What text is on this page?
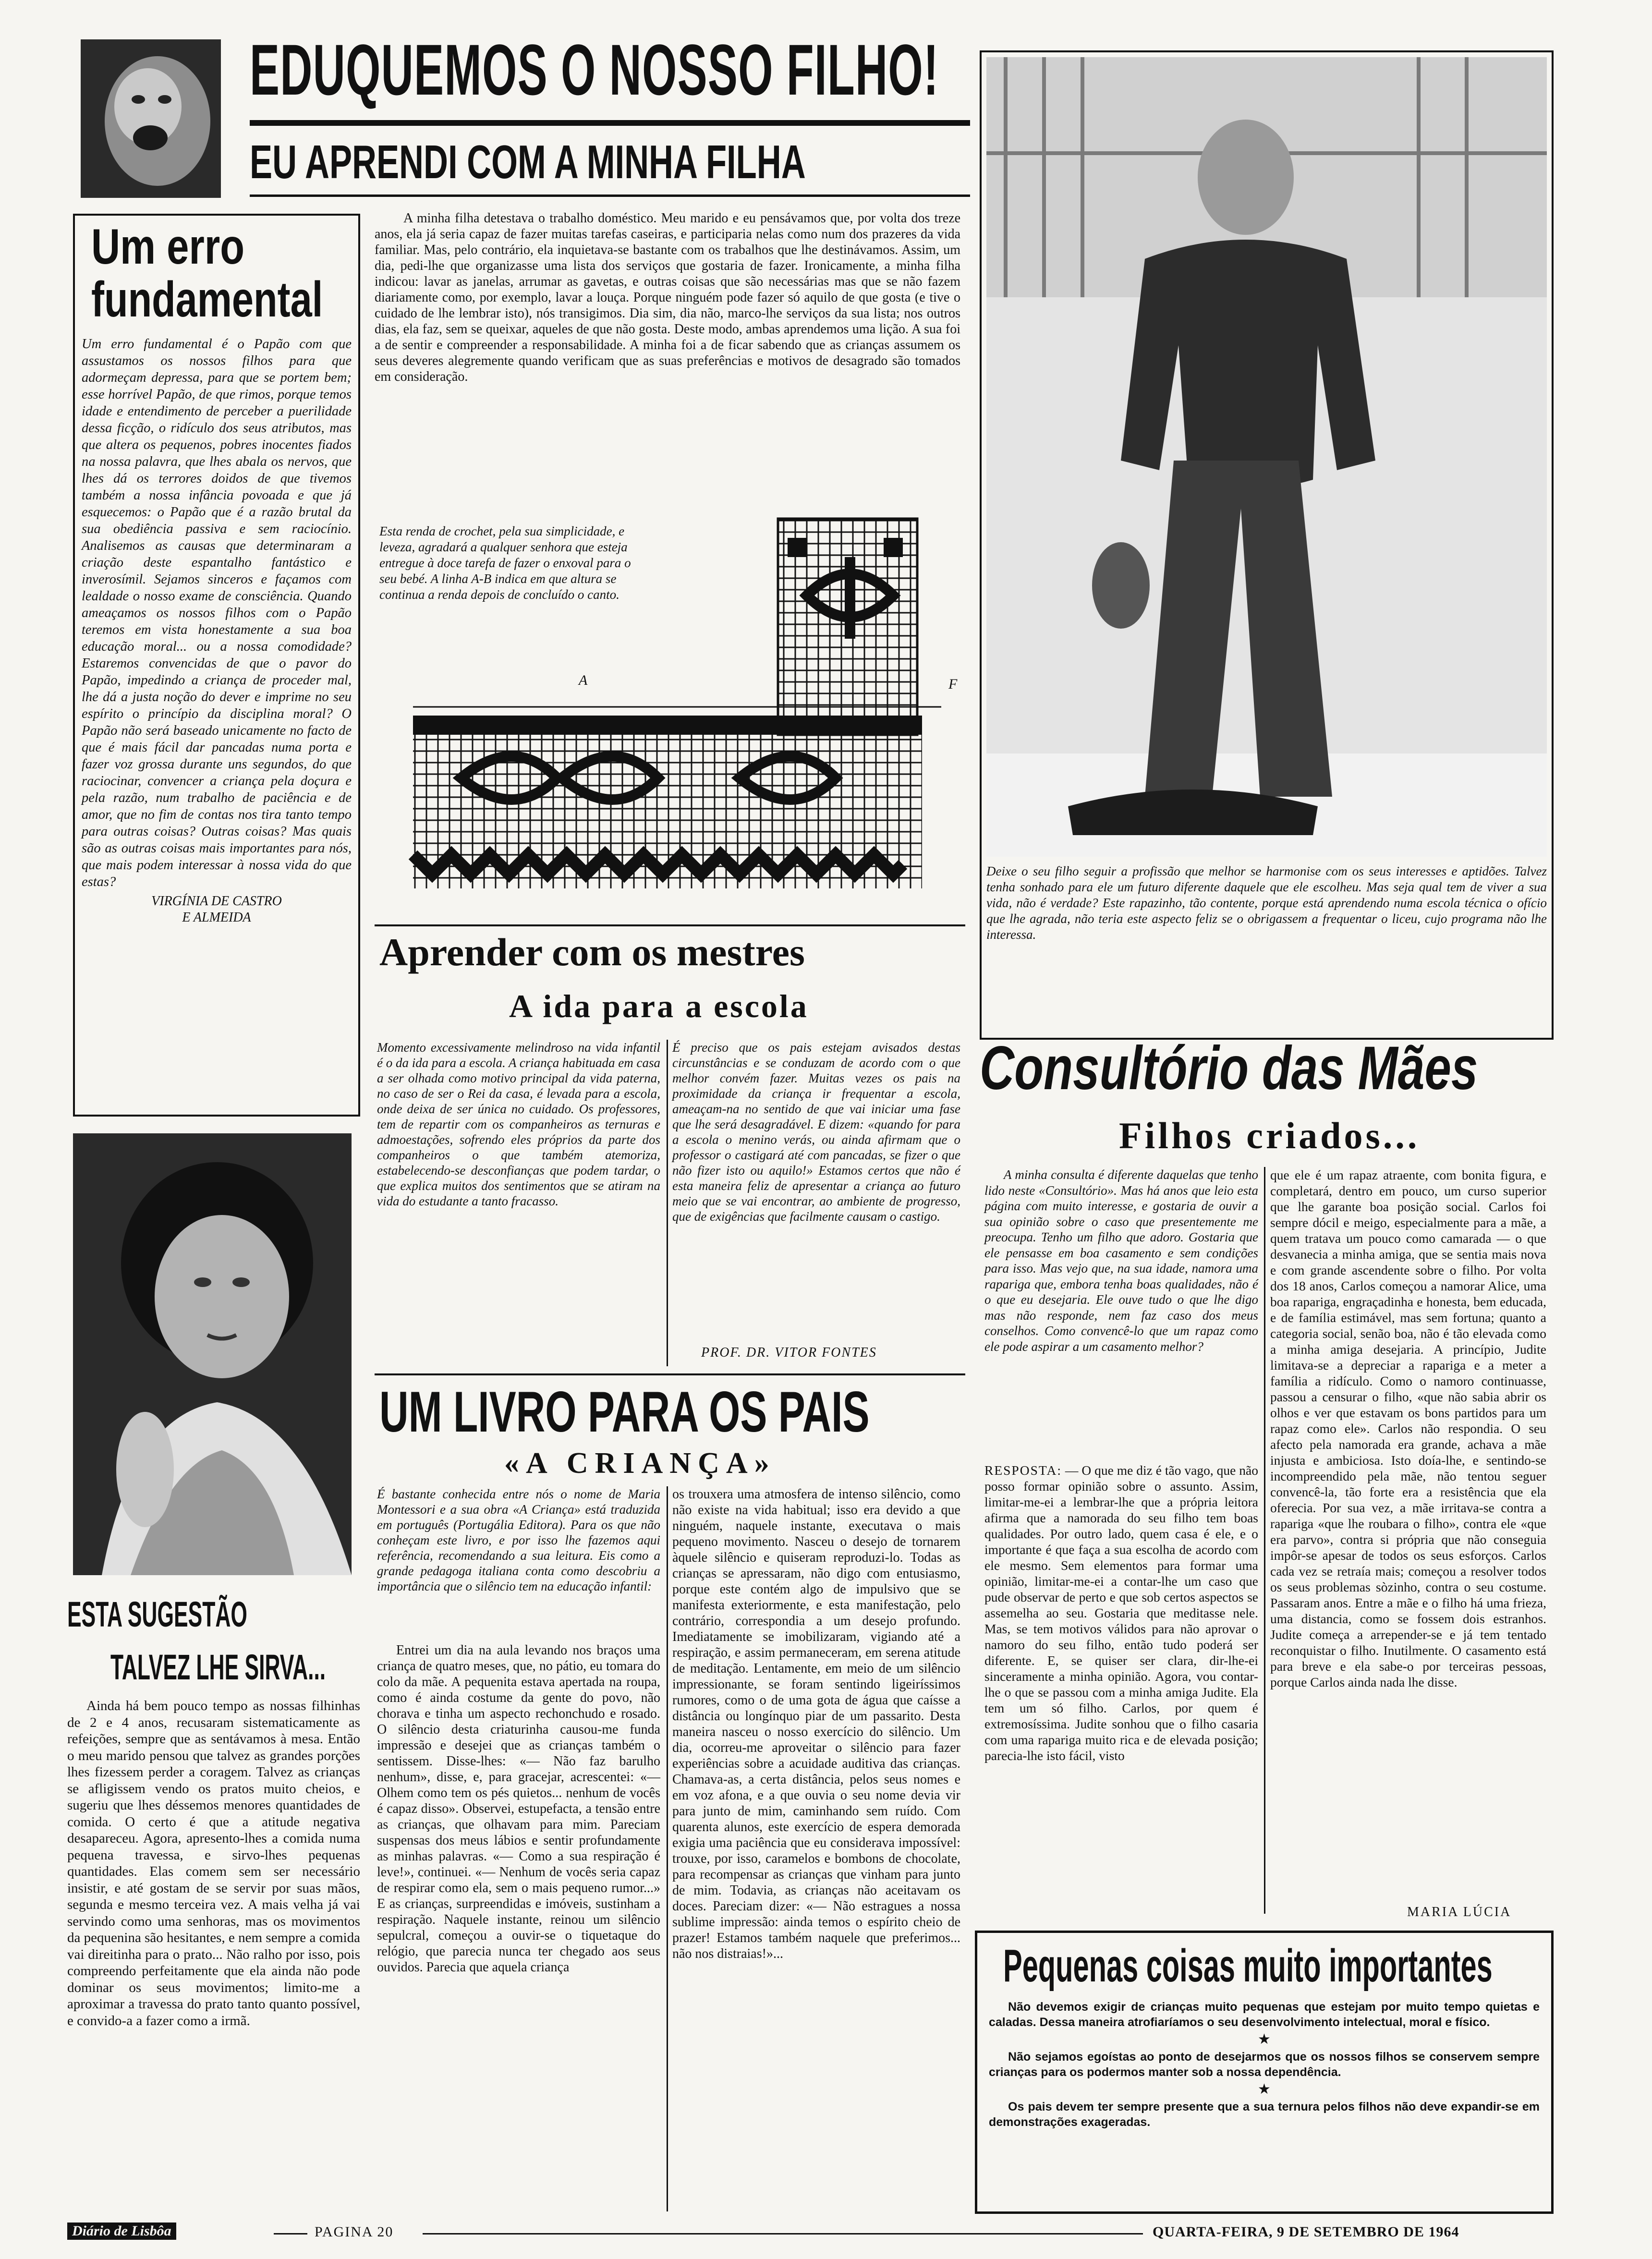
EDUQUEMOS O NOSSO FILHO!
EU APRENDI COM A MINHA FILHA
Um erro
fundamental
Um erro fundamental é o Papão com que assustamos os nossos filhos para que adormeçam depressa, para que se portem bem; esse horrível Papão, de que rimos, porque temos idade e entendimento de perceber a puerilidade dessa ficção, o ridículo dos seus atributos, mas que altera os pequenos, pobres inocentes fiados na nossa palavra, que lhes abala os nervos, que lhes dá os terrores doidos de que tivemos também a nossa infância povoada e que já esquecemos: o Papão que é a razão brutal da sua obediência passiva e sem raciocínio. Analisemos as causas que determinaram a criação deste espantalho fantástico e inverosímil. Sejamos sinceros e façamos com lealdade o nosso exame de consciência. Quando ameaçamos os nossos filhos com o Papão teremos em vista honestamente a sua boa educação moral... ou a nossa comodidade? Estaremos convencidas de que o pavor do Papão, impedindo a criança de proceder mal, lhe dá a justa noção do dever e imprime no seu espírito o princípio da disciplina moral? O Papão não será baseado unicamente no facto de que é mais fácil dar pancadas numa porta e fazer voz grossa durante uns segundos, do que raciocinar, convencer a criança pela doçura e pela razão, num trabalho de paciência e de amor, que no fim de contas nos tira tanto tempo para outras coisas? Outras coisas? Mas quais são as outras coisas mais importantes para nós, que mais podem interessar à nossa vida do que estas?
VIRGÍNIA DE CASTRO
E ALMEIDA
A minha filha detestava o trabalho doméstico. Meu marido e eu pensávamos que, por volta dos treze anos, ela já seria capaz de fazer muitas tarefas caseiras, e participaria nelas como num dos prazeres da vida familiar. Mas, pelo contrário, ela inquietava-se bastante com os trabalhos que lhe destinávamos. Assim, um dia, pedi-lhe que organizasse uma lista dos serviços que gostaria de fazer. Ironicamente, a minha filha indicou: lavar as janelas, arrumar as gavetas, e outras coisas que são necessárias mas que se não fazem diariamente como, por exemplo, lavar a louça. Porque ninguém pode fazer só aquilo de que gosta (e tive o cuidado de lhe lembrar isto), nós transigimos. Dia sim, dia não, marco-lhe serviços da sua lista; nos outros dias, ela faz, sem se queixar, aqueles de que não gosta. Deste modo, ambas aprendemos uma lição. A sua foi a de sentir e compreender a responsabilidade. A minha foi a de ficar sabendo que as crianças assumem os seus deveres alegremente quando verificam que as suas preferências e motivos de desagrado são tomados em consideração.
Esta renda de crochet, pela sua simplicidade, e leveza, agradará a qualquer senhora que esteja entregue à doce tarefa de fazer o enxoval para o seu bebé. A linha A-B indica em que altura se continua a renda depois de concluído o canto.
A	F
Deixe o seu filho seguir a profissão que melhor se harmonise com os seus interesses e aptidões. Talvez tenha sonhado para ele um futuro diferente daquele que ele escolheu. Mas seja qual tem de viver a sua vida, não é verdade? Este rapazinho, tão contente, porque está aprendendo numa escola técnica o ofício que lhe agrada, não teria este aspecto feliz se o obrigassem a frequentar o liceu, cujo programa não lhe interessa.
Aprender com os mestres
A ida para a escola
Momento excessivamente melindroso na vida infantil é o da ida para a escola. A criança habituada em casa a ser olhada como motivo principal da vida paterna, no caso de ser o Rei da casa, é levada para a escola, onde deixa de ser única no cuidado. Os professores, tem de repartir com os companheiros as ternuras e admoestações, sofrendo eles próprios da parte dos companheiros o que também atemoriza, estabelecendo-se desconfianças que podem tardar, o que explica muitos dos sentimentos que se atiram na vida do estudante a tanto fracasso.
É preciso que os pais estejam avisados destas circunstâncias e se conduzam de acordo com o que melhor convém fazer. Muitas vezes os pais na proximidade da criança ir frequentar a escola, ameaçam-na no sentido de que vai iniciar uma fase que lhe será desagradável. E dizem: «quando for para a escola o menino verás, ou ainda afirmam que o professor o castigará até com pancadas, se fizer o que não fizer isto ou aquilo!» Estamos certos que não é esta maneira feliz de apresentar a criança ao futuro meio que se vai encontrar, ao ambiente de progresso, que de exigências que facilmente causam o castigo.
PROF. DR. VITOR FONTES
UM LIVRO PARA OS PAIS
«A CRIANÇA»
É bastante conhecida entre nós o nome de Maria Montessori e a sua obra «A Criança» está traduzida em português (Portugália Editora). Para os que não conheçam este livro, e por isso lhe fazemos aqui referência, recomendando a sua leitura. Eis como a grande pedagoga italiana conta como descobriu a importância que o silêncio tem na educação infantil:
Entrei um dia na aula levando nos braços uma criança de quatro meses, que, no pátio, eu tomara do colo da mãe. A pequenita estava apertada na roupa, como é ainda costume da gente do povo, não chorava e tinha um aspecto rechonchudo e rosado. O silêncio desta criaturinha causou-me funda impressão e desejei que as crianças também o sentissem. Disse-lhes: «— Não faz barulho nenhum», disse, e, para gracejar, acrescentei: «— Olhem como tem os pés quietos... nenhum de vocês é capaz disso». Observei, estupefacta, a tensão entre as crianças, que olhavam para mim. Pareciam suspensas dos meus lábios e sentir profundamente as minhas palavras. «— Como a sua respiração é leve!», continuei. «— Nenhum de vocês seria capaz de respirar como ela, sem o mais pequeno rumor...» E as crianças, surpreendidas e imóveis, sustinham a respiração. Naquele instante, reinou um silêncio sepulcral, começou a ouvir-se o tiquetaque do relógio, que parecia nunca ter chegado aos seus ouvidos. Parecia que aquela criança
os trouxera uma atmosfera de intenso silêncio, como não existe na vida habitual; isso era devido a que ninguém, naquele instante, executava o mais pequeno movimento. Nasceu o desejo de tornarem àquele silêncio e quiseram reproduzi-lo. Todas as crianças se apressaram, não digo com entusiasmo, porque este contém algo de impulsivo que se manifesta exteriormente, e esta manifestação, pelo contrário, correspondia a um desejo profundo. Imediatamente se imobilizaram, vigiando até a respiração, e assim permaneceram, em serena atitude de meditação. Lentamente, em meio de um silêncio impressionante, se foram sentindo ligeiríssimos rumores, como o de uma gota de água que caísse a distância ou longínquo piar de um passarito. Desta maneira nasceu o nosso exercício do silêncio. Um dia, ocorreu-me aproveitar o silêncio para fazer experiências sobre a acuidade auditiva das crianças. Chamava-as, a certa distância, pelos seus nomes e em voz afona, e a que ouvia o seu nome devia vir para junto de mim, caminhando sem ruído. Com quarenta alunos, este exercício de espera demorada exigia uma paciência que eu considerava impossível: trouxe, por isso, caramelos e bombons de chocolate, para recompensar as crianças que vinham para junto de mim. Todavia, as crianças não aceitavam os doces. Pareciam dizer: «— Não estragues a nossa sublime impressão: ainda temos o espírito cheio de prazer! Estamos também naquele que preferimos... não nos distraias!»...
ESTA SUGESTÃO
TALVEZ LHE SIRVA...
Ainda há bem pouco tempo as nossas filhinhas de 2 e 4 anos, recusaram sistematicamente as refeições, sempre que as sentávamos à mesa. Então o meu marido pensou que talvez as grandes porções lhes fizessem perder a coragem. Talvez as crianças se afligissem vendo os pratos muito cheios, e sugeriu que lhes déssemos menores quantidades de comida. O certo é que a atitude negativa desapareceu. Agora, apresento-lhes a comida numa pequena travessa, e sirvo-lhes pequenas quantidades. Elas comem sem ser necessário insistir, e até gostam de se servir por suas mãos, segunda e mesmo terceira vez. A mais velha já vai servindo como uma senhoras, mas os movimentos da pequenina são hesitantes, e nem sempre a comida vai direitinha para o prato... Não ralho por isso, pois compreendo perfeitamente que ela ainda não pode dominar os seus movimentos; limito-me a aproximar a travessa do prato tanto quanto possível, e convido-a a fazer como a irmã.
Consultório das Mães
Filhos criados...
A minha consulta é diferente daquelas que tenho lido neste «Consultório». Mas há anos que leio esta página com muito interesse, e gostaria de ouvir a sua opinião sobre o caso que presentemente me preocupa. Tenho um filho que adoro. Gostaria que ele pensasse em boa casamento e sem condições para isso. Mas vejo que, na sua idade, namora uma rapariga que, embora tenha boas qualidades, não é o que eu desejaria. Ele ouve tudo o que lhe digo mas não responde, nem faz caso dos meus conselhos. Como convencê-lo que um rapaz como ele pode aspirar a um casamento melhor?
RESPOSTA: — O que me diz é tão vago, que não posso formar opinião sobre o assunto. Assim, limitar-me-ei a lembrar-lhe que a própria leitora afirma que a namorada do seu filho tem boas qualidades. Por outro lado, quem casa é ele, e o importante é que faça a sua escolha de acordo com ele mesmo. Sem elementos para formar uma opinião, limitar-me-ei a contar-lhe um caso que pude observar de perto e que sob certos aspectos se assemelha ao seu. Gostaria que meditasse nele. Mas, se tem motivos válidos para não aprovar o namoro do seu filho, então tudo poderá ser diferente. E, se quiser ser clara, dir-lhe-ei sinceramente a minha opinião. Agora, vou contar-lhe o que se passou com a minha amiga Judite. Ela tem um só filho. Carlos, por quem é extremosíssima. Judite sonhou que o filho casaria com uma rapariga muito rica e de elevada posição; parecia-lhe isto fácil, visto
que ele é um rapaz atraente, com bonita figura, e completará, dentro em pouco, um curso superior que lhe garante boa posição social. Carlos foi sempre dócil e meigo, especialmente para a mãe, a quem tratava um pouco como camarada — o que desvanecia a minha amiga, que se sentia mais nova e com grande ascendente sobre o filho. Por volta dos 18 anos, Carlos começou a namorar Alice, uma boa rapariga, engraçadinha e honesta, bem educada, e de família estimável, mas sem fortuna; quanto a categoria social, senão boa, não é tão elevada como a minha amiga desejaria. A princípio, Judite limitava-se a depreciar a rapariga e a meter a família a ridículo. Como o namoro continuasse, passou a censurar o filho, «que não sabia abrir os olhos e ver que estavam os bons partidos para um rapaz como ele». Carlos não respondia. O seu afecto pela namorada era grande, achava a mãe injusta e ambiciosa. Isto doía-lhe, e sentindo-se incompreendido pela mãe, não tentou seguer convencê-la, tão forte era a resistência que ela oferecia. Por sua vez, a mãe irritava-se contra a rapariga «que lhe roubara o filho», contra ele «que era parvo», contra si própria que não conseguia impôr-se apesar de todos os seus esforços. Carlos cada vez se retraía mais; começou a resolver todos os seus problemas sòzinho, contra o seu costume. Passaram anos. Entre a mãe e o filho há uma frieza, uma distancia, como se fossem dois estranhos. Judite começa a arrepender-se e já tem tentado reconquistar o filho. Inutilmente. O casamento está para breve e ela sabe-o por terceiras pessoas, porque Carlos ainda nada lhe disse.
MARIA LÚCIA
Pequenas coisas muito importantes
Não devemos exigir de crianças muito pequenas que estejam por muito tempo quietas e caladas. Dessa maneira atrofiaríamos o seu desenvolvimento intelectual, moral e físico.
★
Não sejamos egoístas ao ponto de desejarmos que os nossos filhos se conservem sempre crianças para os podermos manter sob a nossa dependência.
★
Os pais devem ter sempre presente que a sua ternura pelos filhos não deve expandir-se em demonstrações exageradas.
Diário de Lisbôa	PAGINA 20	QUARTA-FEIRA, 9 DE SETEMBRO DE 1964
